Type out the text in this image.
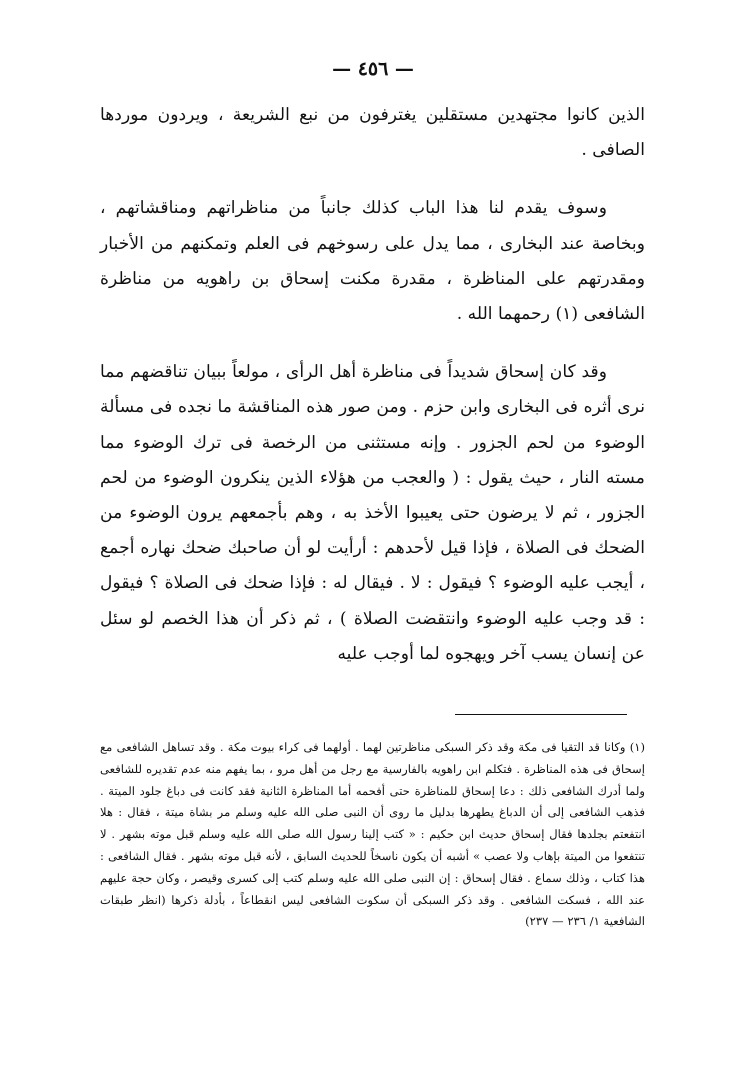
— ٤٥٦ —

الذين كانوا مجتهدين مستقلين يغترفون من نبع الشريعة ، ويردون موردها الصافى .

وسوف يقدم لنا هذا الباب كذلك جانباً من مناظراتهم ومناقشاتهم ، وبخاصة عند البخارى ، مما يدل على رسوخهم فى العلم وتمكنهم من الأخبار ومقدرتهم على المناظرة ، مقدرة مكنت إسحاق بن راهويه من مناظرة الشافعى (١) رحمهما الله .

وقد كان إسحاق شديداً فى مناظرة أهل الرأى ، مولعاً ببيان تناقضهم مما نرى أثره فى البخارى وابن حزم . ومن صور هذه المناقشة ما نجده فى مسألة الوضوء من لحم الجزور . وإنه مستثنى من الرخصة فى ترك الوضوء مما مسته النار ، حيث يقول : ( والعجب من هؤلاء الذين ينكرون الوضوء من لحم الجزور ، ثم لا يرضون حتى يعيبوا الأخذ به ، وهم بأجمعهم يرون الوضوء من الضحك فى الصلاة ، فإذا قيل لأحدهم : أرأيت لو أن صاحبك ضحك نهاره أجمع ، أيجب عليه الوضوء ؟ فيقول : لا . فيقال له : فإذا ضحك فى الصلاة ؟ فيقول : قد وجب عليه الوضوء وانتقضت الصلاة ) ، ثم ذكر أن هذا الخصم لو سئل عن إنسان يسب آخر ويهجوه لما أوجب عليه

(١) وكانا قد التقيا فى مكة وقد ذكر السبكى مناظرتين لهما . أولهما فى كراء بيوت مكة . وقد تساهل الشافعى مع إسحاق فى هذه المناظرة . فتكلم ابن راهويه بالفارسية مع رجل من أهل مرو ، بما يفهم منه عدم تقديره للشافعى ولما أدرك الشافعى ذلك : دعا إسحاق للمناظرة حتى أفحمه أما المناظرة الثانية فقد كانت فى دباغ جلود الميتة . فذهب الشافعى إلى أن الدباغ يطهرها بدليل ما روى أن النبى صلى الله عليه وسلم مر بشاة ميتة ، فقال : هلا انتفعتم بجلدها فقال إسحاق حديث ابن حكيم : « كتب إلينا رسول الله صلى الله عليه وسلم قبل موته بشهر . لا تنتفعوا من الميتة بإهاب ولا عصب » أشبه أن يكون ناسخاً للحديث السابق ، لأنه قبل موته بشهر . فقال الشافعى : هذا كتاب ، وذلك سماع . فقال إسحاق : إن النبى صلى الله عليه وسلم كتب إلى كسرى وقيصر ، وكان حجة عليهم عند الله ، فسكت الشافعى . وقد ذكر السبكى أن سكوت الشافعى ليس انقطاعاً ، بأدلة ذكرها (انظر طبقات الشافعية ١/ ٢٣٦ — ٢٣٧)
